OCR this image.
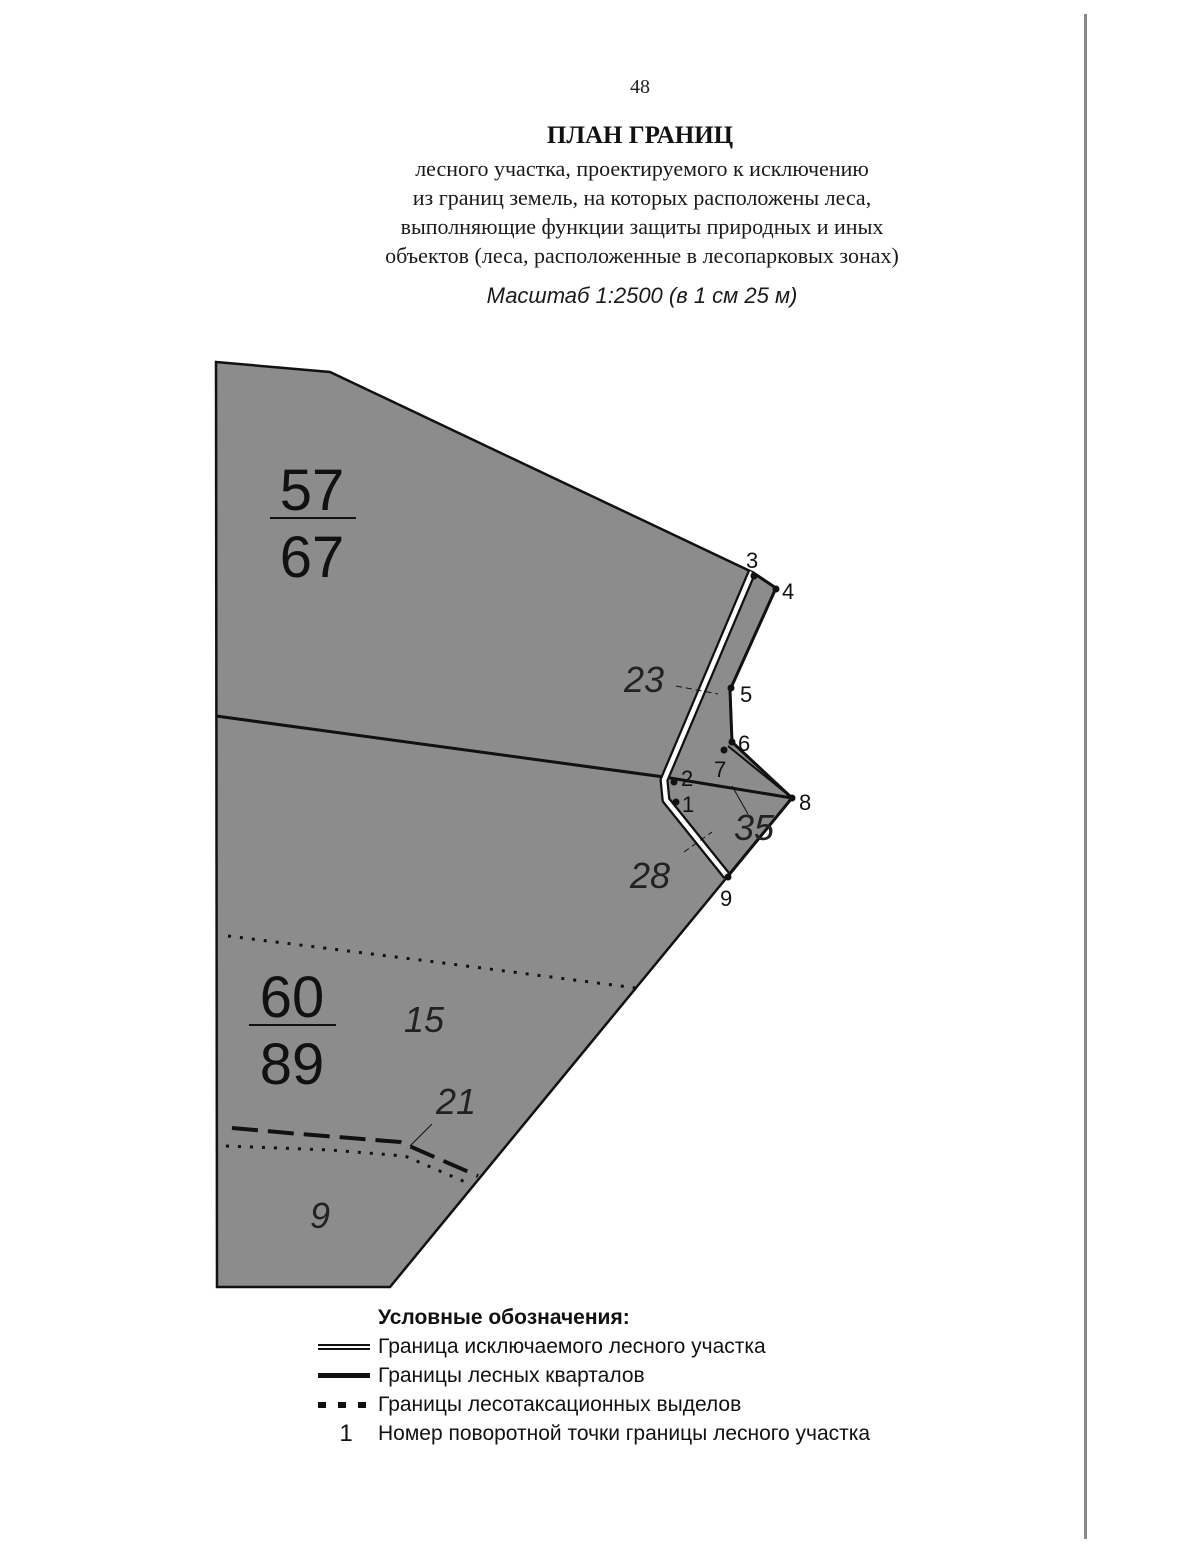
48
ПЛАН ГРАНИЦ
лесного участка, проектируемого к исключению
из границ земель, на которых расположены леса,
выполняющие функции защиты природных и иных
объектов (леса, расположенные в лесопарковых зонах)
Масштаб 1:2500 (в 1 см 25 м)
57
67
60
89
23
35
28
15
21
9
1
2
3
4
5
6
7
8
9
Условные обозначения:
Граница исключаемого лесного участка
Границы лесных кварталов
Границы лесотаксационных выделов
1	Номер поворотной точки границы лесного участка
